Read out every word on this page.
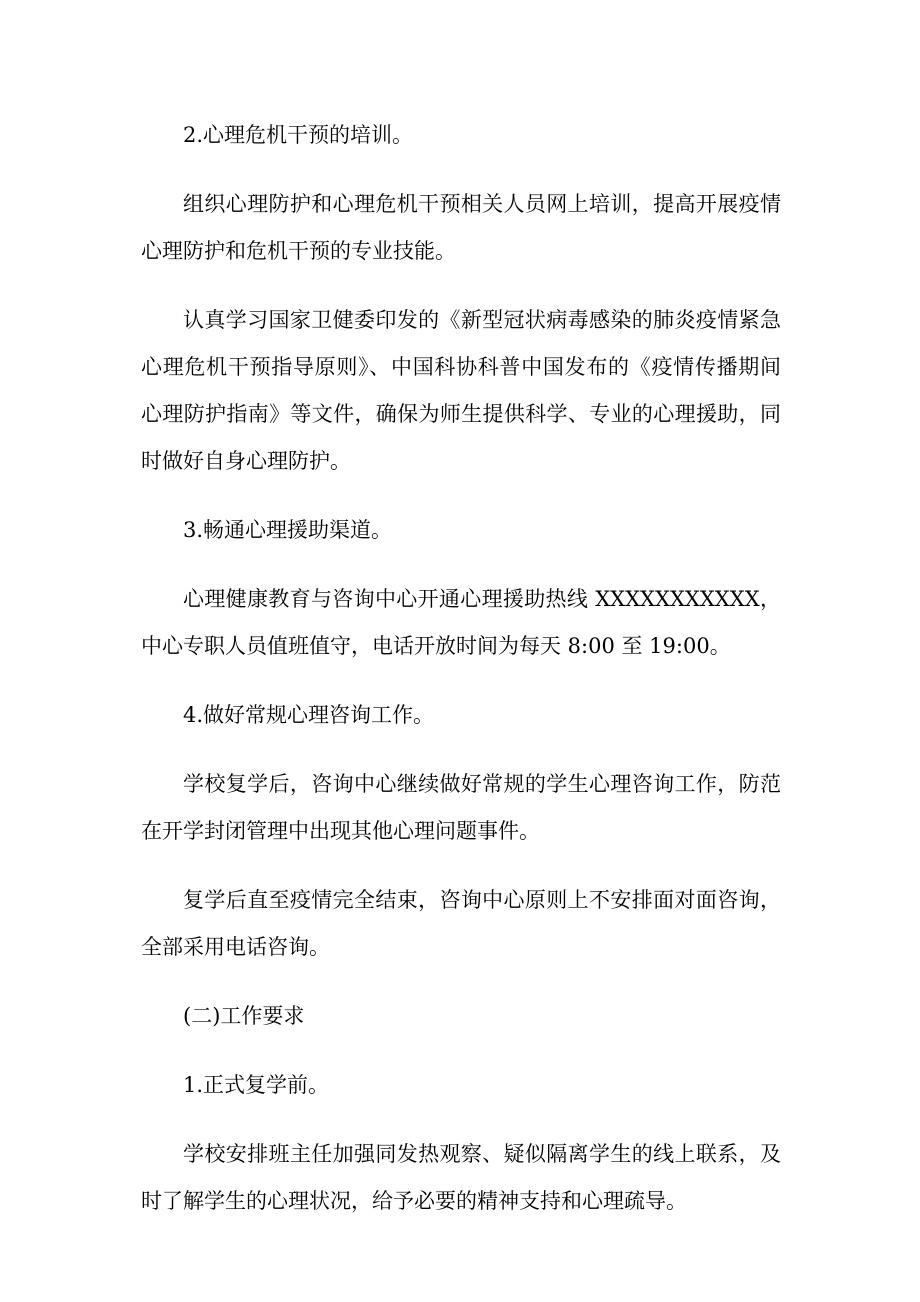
2.心理危机干预的培训。

组织心理防护和心理危机干预相关人员网上培训，提高开展疫情心理防护和危机干预的专业技能。

认真学习国家卫健委印发的《新型冠状病毒感染的肺炎疫情紧急心理危机干预指导原则》、中国科协科普中国发布的《疫情传播期间心理防护指南》等文件，确保为师生提供科学、专业的心理援助，同时做好自身心理防护。

3.畅通心理援助渠道。

心理健康教育与咨询中心开通心理援助热线 XXXXXXXXXXX，中心专职人员值班值守，电话开放时间为每天 8:00 至 19:00。

4.做好常规心理咨询工作。

学校复学后，咨询中心继续做好常规的学生心理咨询工作，防范在开学封闭管理中出现其他心理问题事件。

复学后直至疫情完全结束，咨询中心原则上不安排面对面咨询，全部采用电话咨询。

(二)工作要求

1.正式复学前。

学校安排班主任加强同发热观察、疑似隔离学生的线上联系，及时了解学生的心理状况，给予必要的精神支持和心理疏导。
